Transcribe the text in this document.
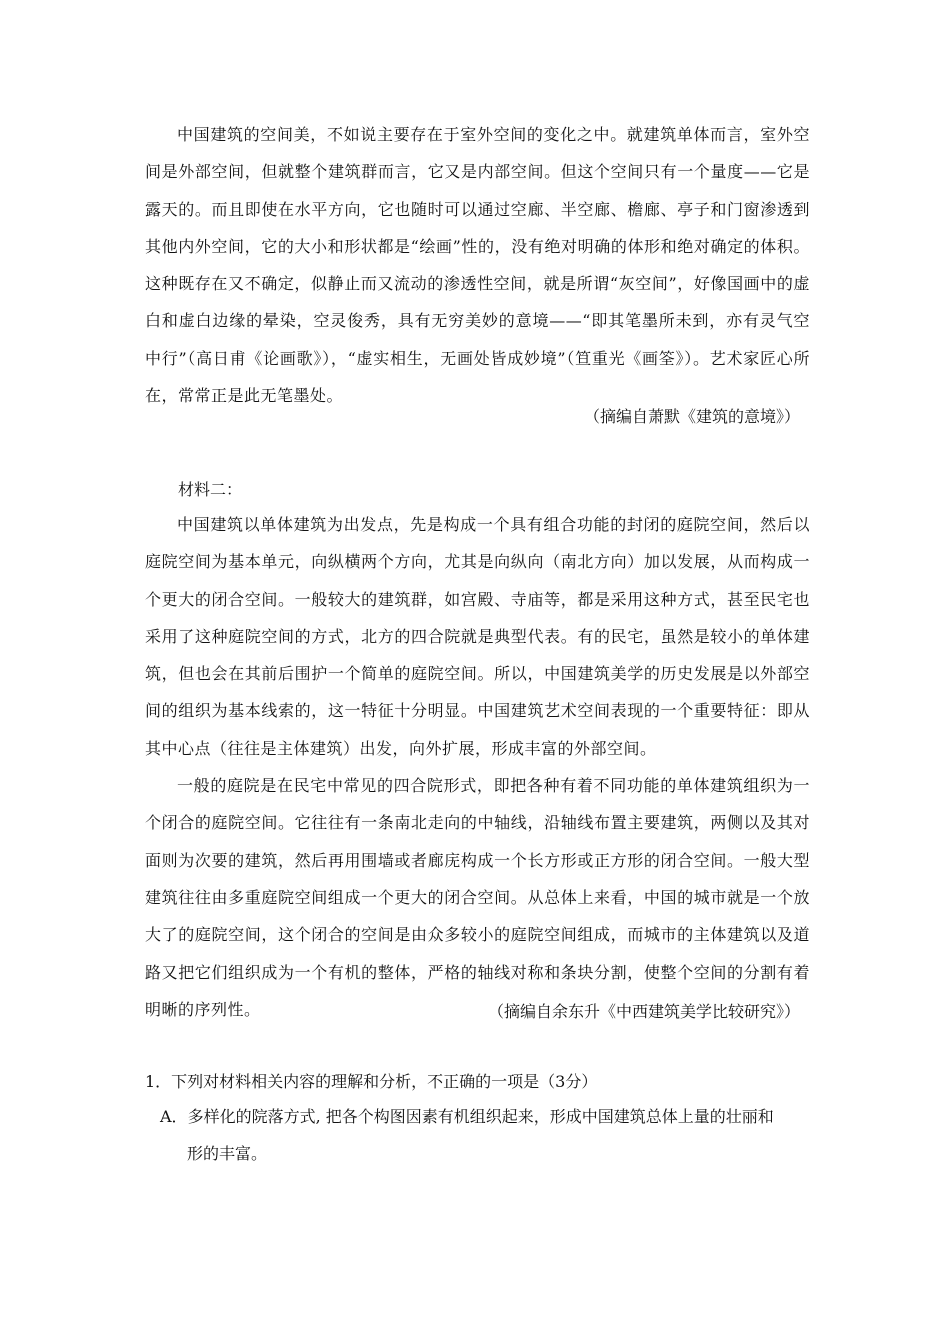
中国建筑的空间美，不如说主要存在于室外空间的变化之中。就建筑单体而言，室外空间是外部空间，但就整个建筑群而言，它又是内部空间。但这个空间只有一个量度——它是露天的。而且即使在水平方向，它也随时可以通过空廊、半空廊、檐廊、亭子和门窗渗透到其他内外空间，它的大小和形状都是“绘画”性的，没有绝对明确的体形和绝对确定的体积。这种既存在又不确定，似静止而又流动的渗透性空间，就是所谓“灰空间”，好像国画中的虚白和虚白边缘的晕染，空灵俊秀，具有无穷美妙的意境——“即其笔墨所未到，亦有灵气空中行”（高日甫《论画歌》），“虚实相生，无画处皆成妙境”（笪重光《画筌》）。艺术家匠心所在，常常正是此无笔墨处。

（摘编自萧默《建筑的意境》）
材料二：

中国建筑以单体建筑为出发点，先是构成一个具有组合功能的封闭的庭院空间，然后以庭院空间为基本单元，向纵横两个方向，尤其是向纵向（南北方向）加以发展，从而构成一个更大的闭合空间。一般较大的建筑群，如宫殿、寺庙等，都是采用这种方式，甚至民宅也采用了这种庭院空间的方式，北方的四合院就是典型代表。有的民宅，虽然是较小的单体建筑，但也会在其前后围护一个简单的庭院空间。所以，中国建筑美学的历史发展是以外部空间的组织为基本线索的，这一特征十分明显。中国建筑艺术空间表现的一个重要特征：即从其中心点（往往是主体建筑）出发，向外扩展，形成丰富的外部空间。

一般的庭院是在民宅中常见的四合院形式，即把各种有着不同功能的单体建筑组织为一个闭合的庭院空间。它往往有一条南北走向的中轴线，沿轴线布置主要建筑，两侧以及其对面则为次要的建筑，然后再用围墙或者廊庑构成一个长方形或正方形的闭合空间。一般大型建筑往往由多重庭院空间组成一个更大的闭合空间。从总体上来看，中国的城市就是一个放大了的庭院空间，这个闭合的空间是由众多较小的庭院空间组成，而城市的主体建筑以及道路又把它们组织成为一个有机的整体，严格的轴线对称和条块分割，使整个空间的分割有着明晰的序列性。	（摘编自余东升《中西建筑美学比较研究》）
1．下列对材料相关内容的理解和分析，不正确的一项是（3分）
A．多样化的院落方式, 把各个构图因素有机组织起来，形成中国建筑总体上量的壮丽和
形的丰富。
